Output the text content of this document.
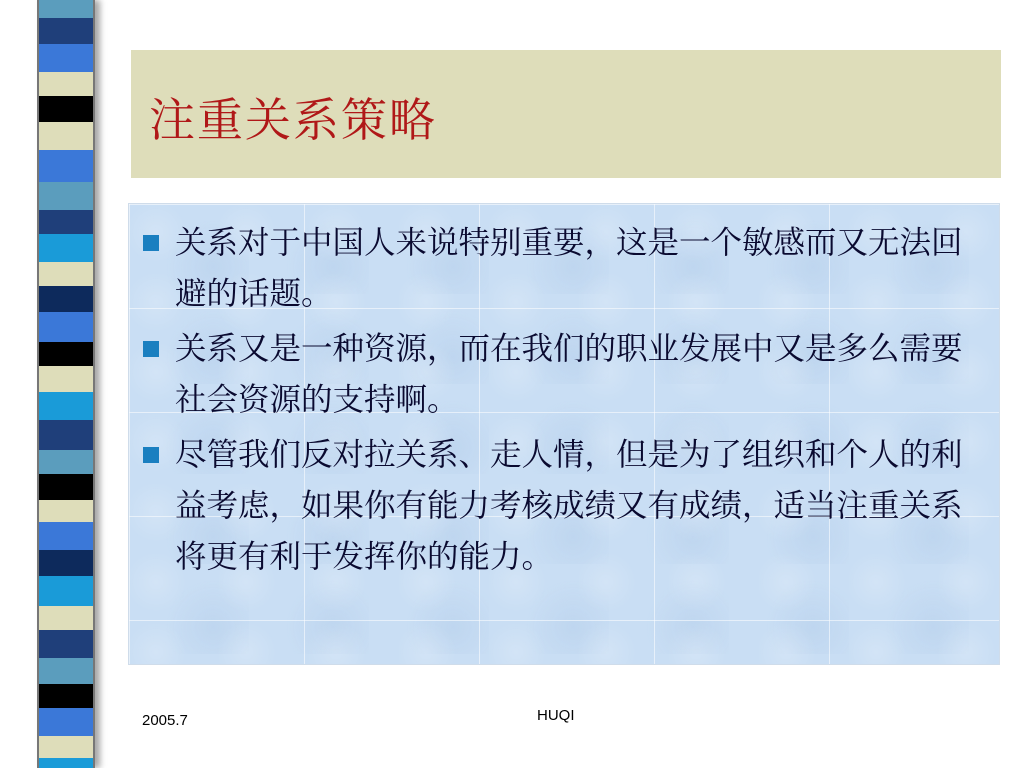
注重关系策略
关系对于中国人来说特别重要，这是一个敏感而又无法回避的话题。
关系又是一种资源，而在我们的职业发展中又是多么需要社会资源的支持啊。
尽管我们反对拉关系、走人情，但是为了组织和个人的利益考虑，如果你有能力考核成绩又有成绩，适当注重关系将更有利于发挥你的能力。
2005.7	HUQI
